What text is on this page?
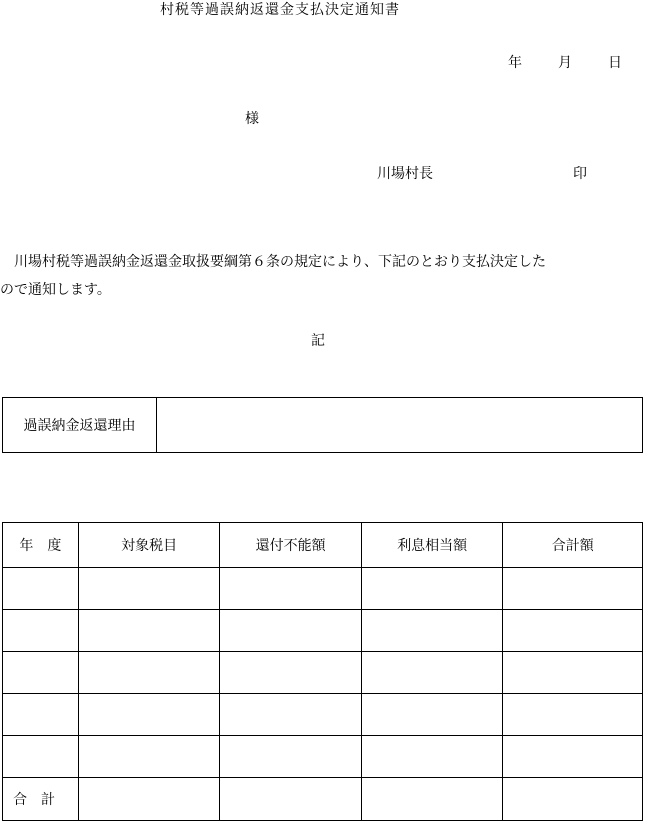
村税等過誤納返還金支払決定通知書
年	月	日
様
川場村長	印
　川場村税等過誤納金返還金取扱要綱第６条の規定により、下記のとおり支払決定した
ので通知します。
記
過誤納金返還理由	
年　度	対象税目	還付不能額	利息相当額	合計額

合　計				
